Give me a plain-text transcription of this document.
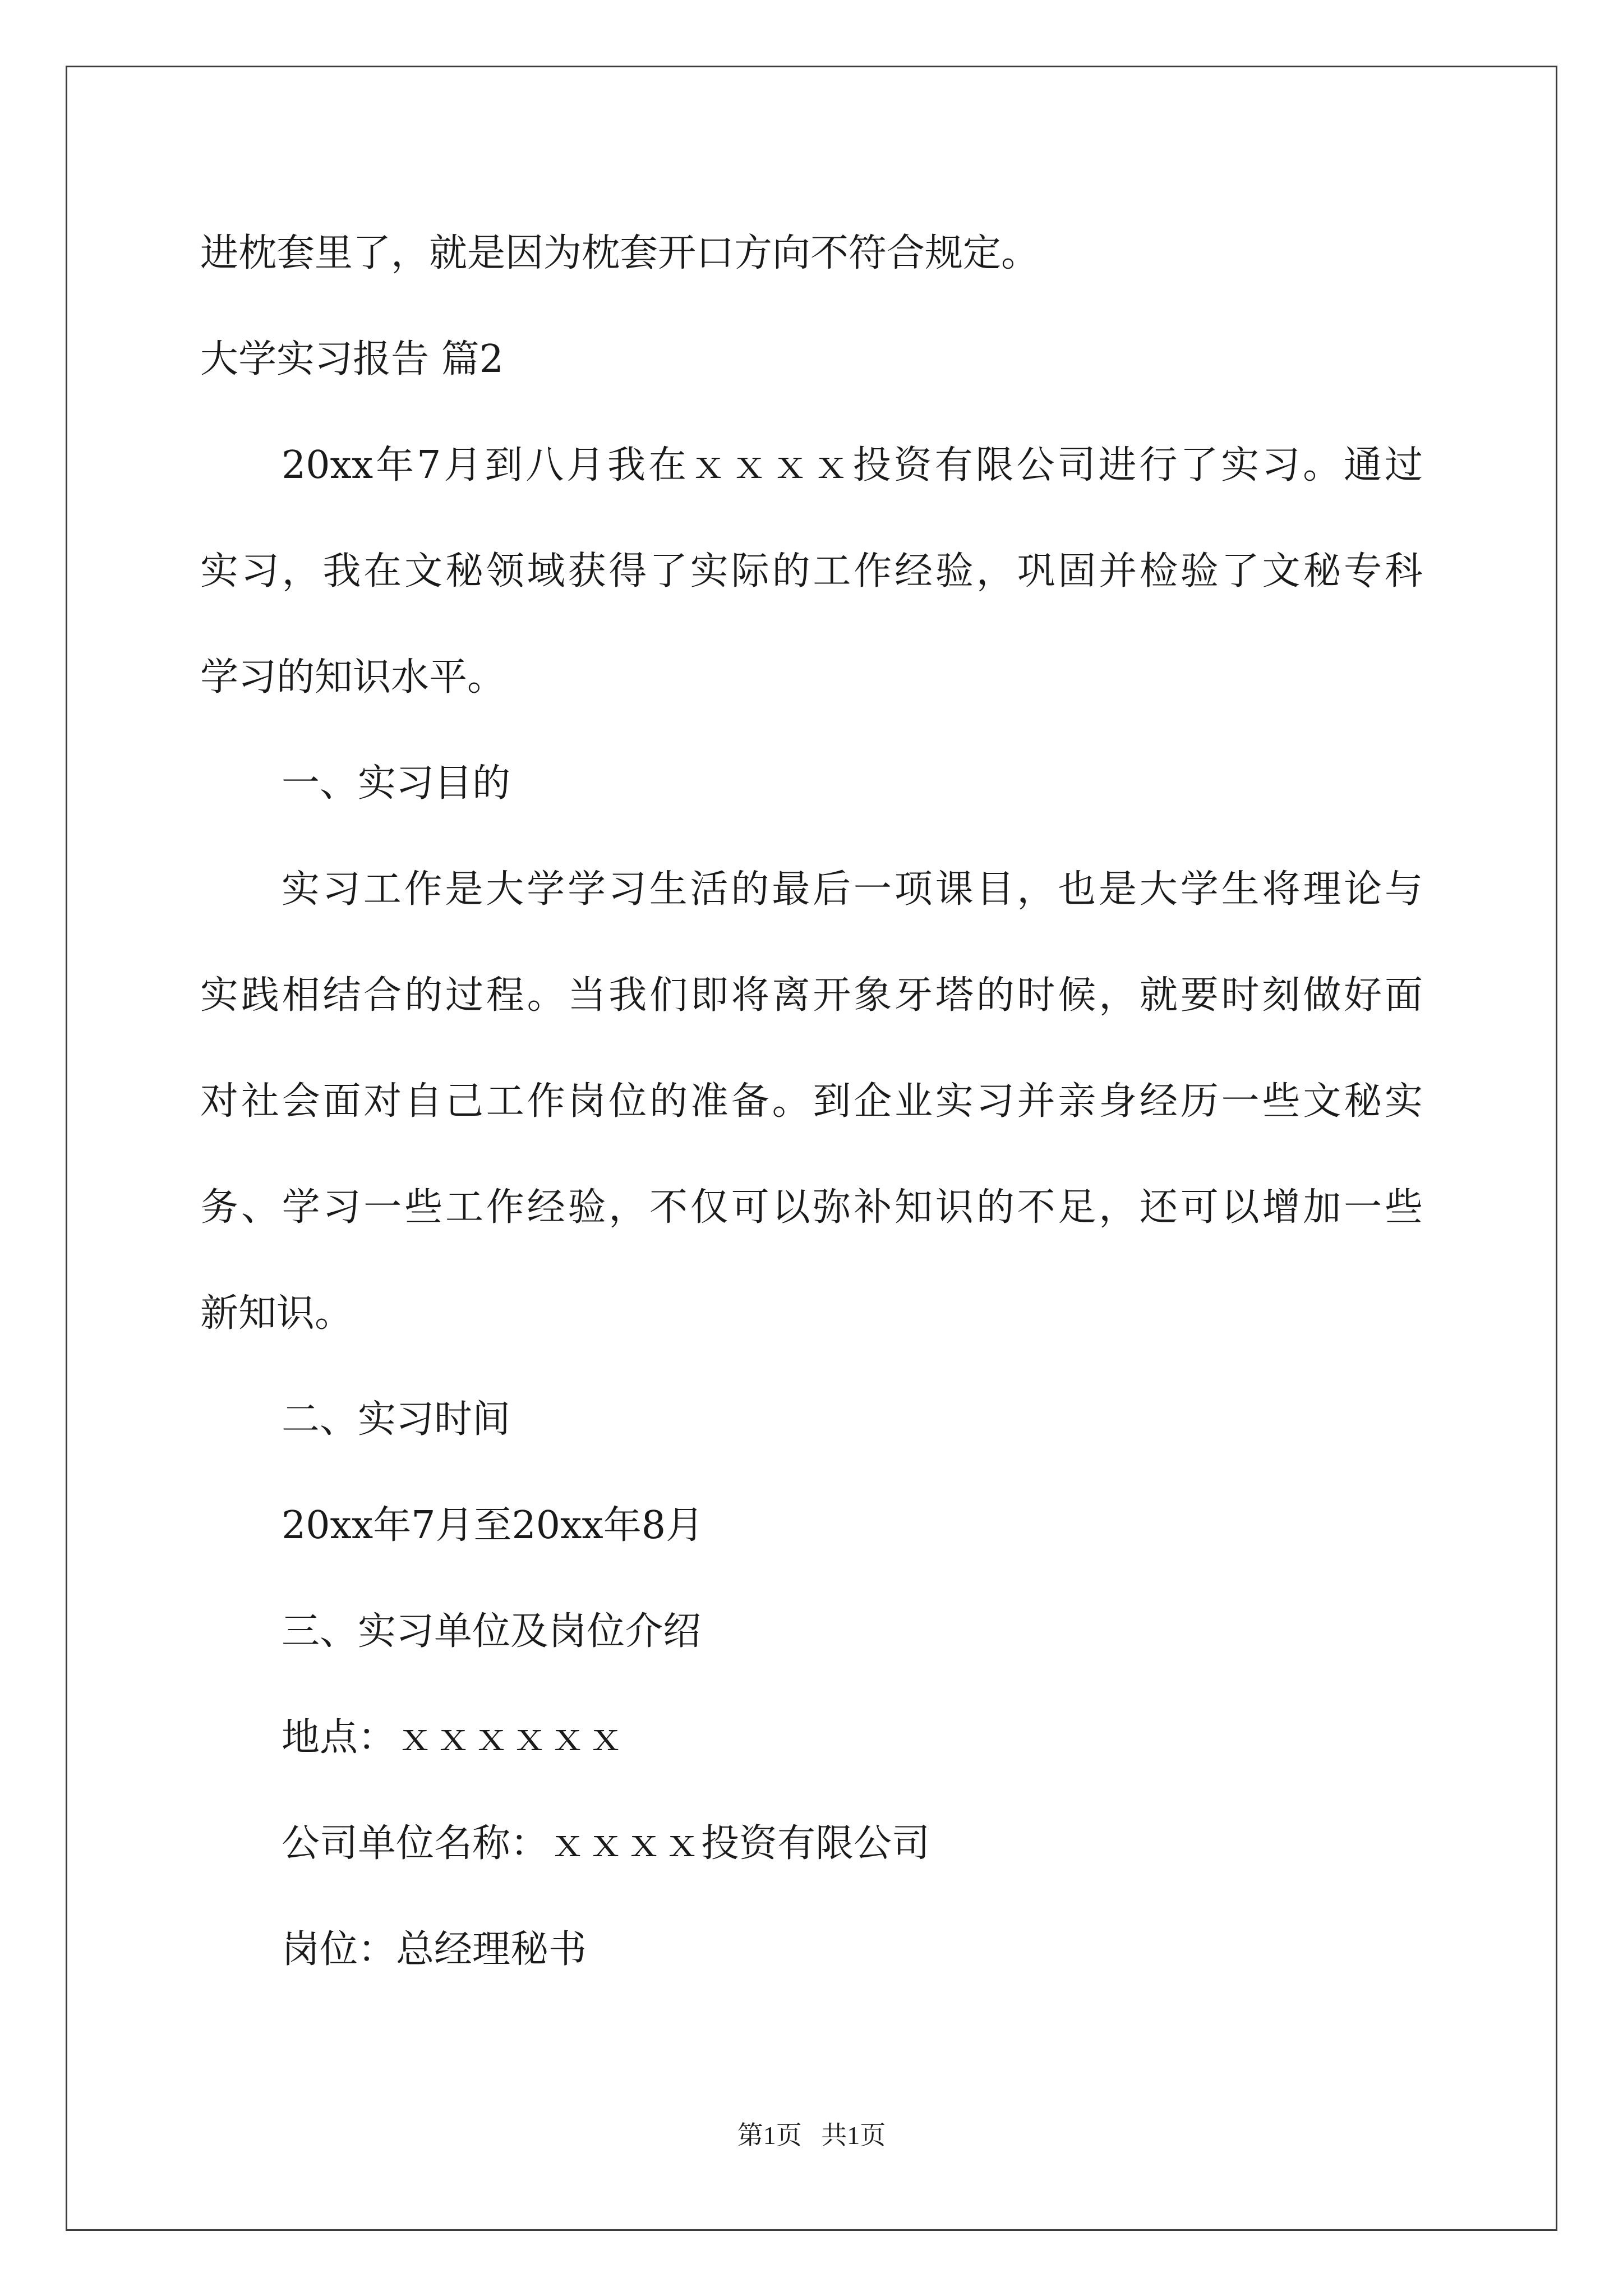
进枕套里了，就是因为枕套开口方向不符合规定。
大学实习报告 篇2
20xx年7月到八月我在ｘｘｘｘ投资有限公司进行了实习。通过
实习，我在文秘领域获得了实际的工作经验，巩固并检验了文秘专科
学习的知识水平。
一、实习目的
实习工作是大学学习生活的最后一项课目，也是大学生将理论与
实践相结合的过程。当我们即将离开象牙塔的时候，就要时刻做好面
对社会面对自己工作岗位的准备。到企业实习并亲身经历一些文秘实
务、学习一些工作经验，不仅可以弥补知识的不足，还可以增加一些
新知识。
二、实习时间
20xx年7月至20xx年8月
三、实习单位及岗位介绍
地点：ｘｘｘｘｘｘ
公司单位名称：ｘｘｘｘ投资有限公司
岗位：总经理秘书
第1页   共1页
